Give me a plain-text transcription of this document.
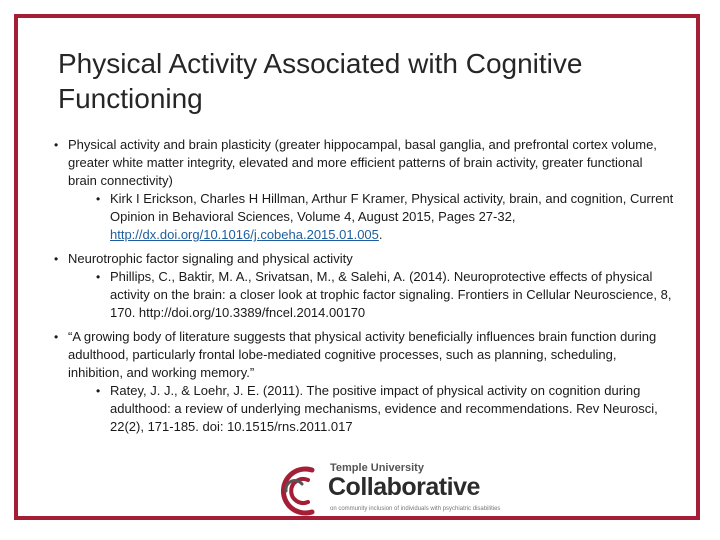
Physical Activity Associated with Cognitive Functioning
• Physical activity and brain plasticity (greater hippocampal, basal ganglia, and prefrontal cortex volume, greater white matter integrity, elevated and more efficient patterns of brain activity, greater functional brain connectivity)
• Kirk I Erickson, Charles H Hillman, Arthur F Kramer, Physical activity, brain, and cognition, Current Opinion in Behavioral Sciences, Volume 4, August 2015, Pages 27-32, http://dx.doi.org/10.1016/j.cobeha.2015.01.005.
• Neurotrophic factor signaling and physical activity
• Phillips, C., Baktir, M. A., Srivatsan, M., & Salehi, A. (2014). Neuroprotective effects of physical activity on the brain: a closer look at trophic factor signaling. Frontiers in Cellular Neuroscience, 8, 170. http://doi.org/10.3389/fncel.2014.00170
• “A growing body of literature suggests that physical activity beneficially influences brain function during adulthood, particularly frontal lobe-mediated cognitive processes, such as planning, scheduling, inhibition, and working memory.”
• Ratey, J. J., & Loehr, J. E. (2011). The positive impact of physical activity on cognition during adulthood: a review of underlying mechanisms, evidence and recommendations. Rev Neurosci, 22(2), 171-185. doi: 10.1515/rns.2011.017
Temple University
Collaborative
on community inclusion of individuals with psychiatric disabilities
